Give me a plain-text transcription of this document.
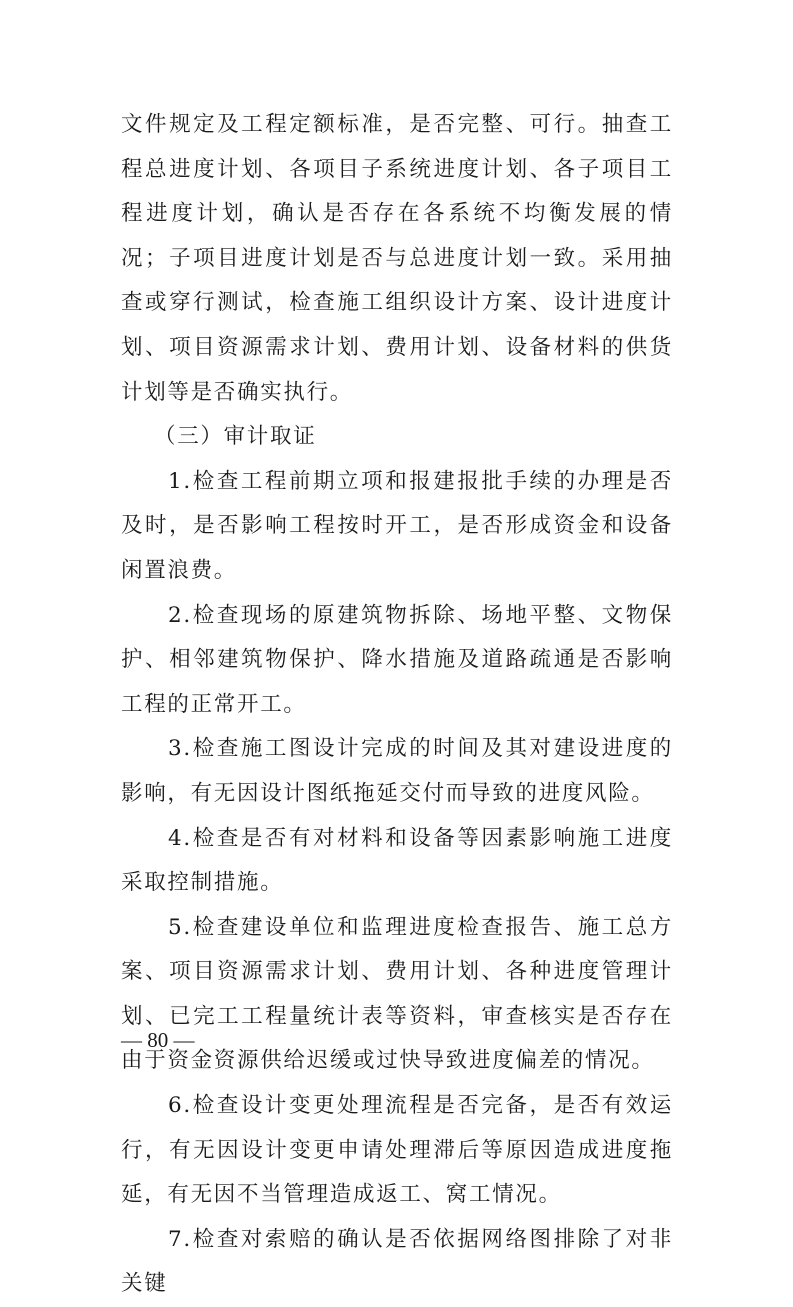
文件规定及工程定额标准，是否完整、可行。抽查工程总进度计划、各项目子系统进度计划、各子项目工程进度计划，确认是否存在各系统不均衡发展的情况；子项目进度计划是否与总进度计划一致。采用抽查或穿行测试，检查施工组织设计方案、设计进度计划、项目资源需求计划、费用计划、设备材料的供货计划等是否确实执行。

（三）审计取证

1.检查工程前期立项和报建报批手续的办理是否及时，是否影响工程按时开工，是否形成资金和设备闲置浪费。

2.检查现场的原建筑物拆除、场地平整、文物保护、相邻建筑物保护、降水措施及道路疏通是否影响工程的正常开工。

3.检查施工图设计完成的时间及其对建设进度的影响，有无因设计图纸拖延交付而导致的进度风险。

4.检查是否有对材料和设备等因素影响施工进度采取控制措施。

5.检查建设单位和监理进度检查报告、施工总方案、项目资源需求计划、费用计划、各种进度管理计划、已完工工程量统计表等资料，审查核实是否存在由于资金资源供给迟缓或过快导致进度偏差的情况。

6.检查设计变更处理流程是否完备，是否有效运行，有无因设计变更申请处理滞后等原因造成进度拖延，有无因不当管理造成返工、窝工情况。

7.检查对索赔的确认是否依据网络图排除了对非关键

— 80 —
